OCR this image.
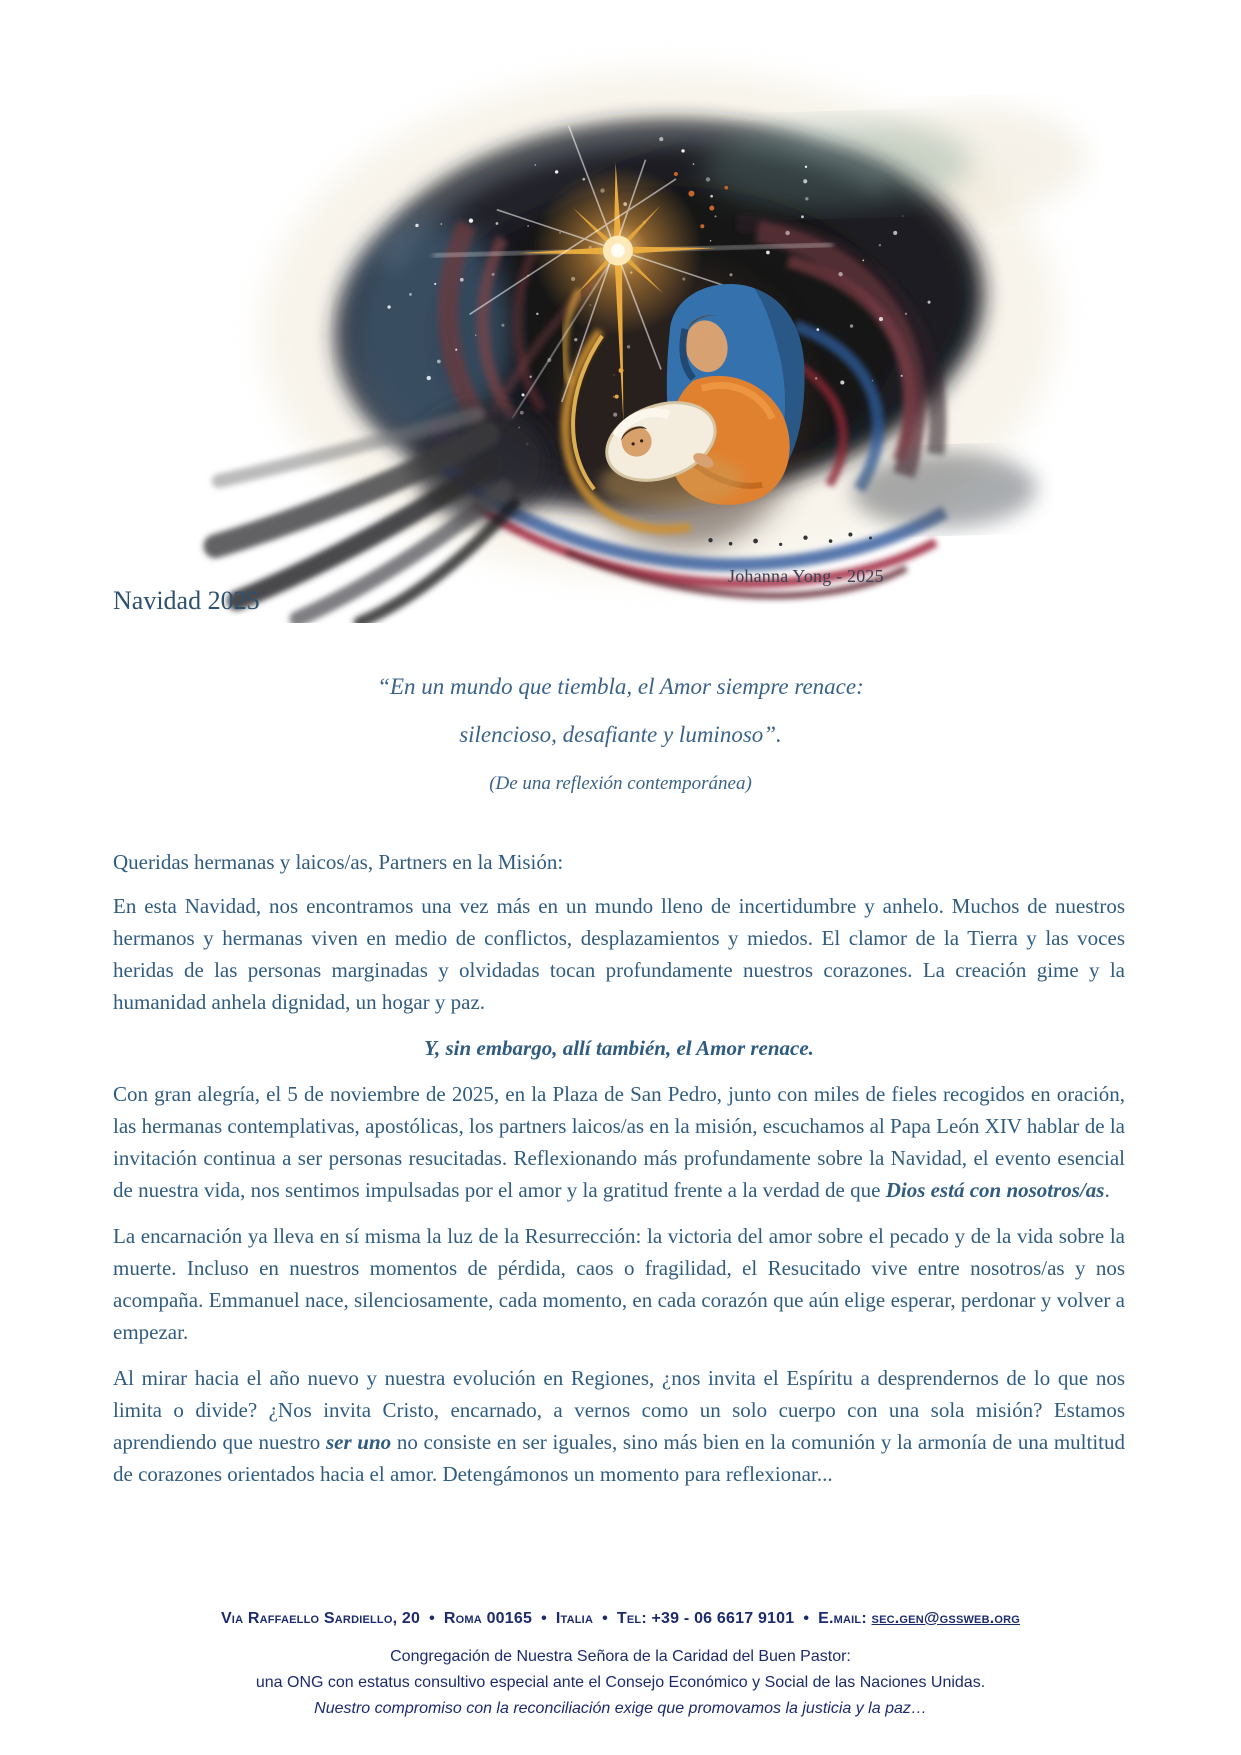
Johanna Yong - 2025
Navidad 2025
“En un mundo que tiembla, el Amor siempre renace:
silencioso, desafiante y luminoso”.
(De una reflexión contemporánea)

Queridas hermanas y laicos/as, Partners en la Misión:

En esta Navidad, nos encontramos una vez más en un mundo lleno de incertidumbre y anhelo. Muchos de nuestros hermanos y hermanas viven en medio de conflictos, desplazamientos y miedos. El clamor de la Tierra y las voces heridas de las personas marginadas y olvidadas tocan profundamente nuestros corazones. La creación gime y la humanidad anhela dignidad, un hogar y paz.

Y, sin embargo, allí también, el Amor renace.

Con gran alegría, el 5 de noviembre de 2025, en la Plaza de San Pedro, junto con miles de fieles recogidos en oración, las hermanas contemplativas, apostólicas, los partners laicos/as en la misión, escuchamos al Papa León XIV hablar de la invitación continua a ser personas resucitadas. Reflexionando más profundamente sobre la Navidad, el evento esencial de nuestra vida, nos sentimos impulsadas por el amor y la gratitud frente a la verdad de que Dios está con nosotros/as.

La encarnación ya lleva en sí misma la luz de la Resurrección: la victoria del amor sobre el pecado y de la vida sobre la muerte. Incluso en nuestros momentos de pérdida, caos o fragilidad, el Resucitado vive entre nosotros/as y nos acompaña. Emmanuel nace, silenciosamente, cada momento, en cada corazón que aún elige esperar, perdonar y volver a empezar.

Al mirar hacia el año nuevo y nuestra evolución en Regiones, ¿nos invita el Espíritu a desprendernos de lo que nos limita o divide? ¿Nos invita Cristo, encarnado, a vernos como un solo cuerpo con una sola misión? Estamos aprendiendo que nuestro ser uno no consiste en ser iguales, sino más bien en la comunión y la armonía de una multitud de corazones orientados hacia el amor. Detengámonos un momento para reflexionar...

Via Raffaello Sardiello, 20 • Roma 00165 • Italia • Tel: +39 - 06 6617 9101 • E.mail: sec.gen@gssweb.org
Congregación de Nuestra Señora de la Caridad del Buen Pastor:
una ONG con estatus consultivo especial ante el Consejo Económico y Social de las Naciones Unidas.
Nuestro compromiso con la reconciliación exige que promovamos la justicia y la paz…
